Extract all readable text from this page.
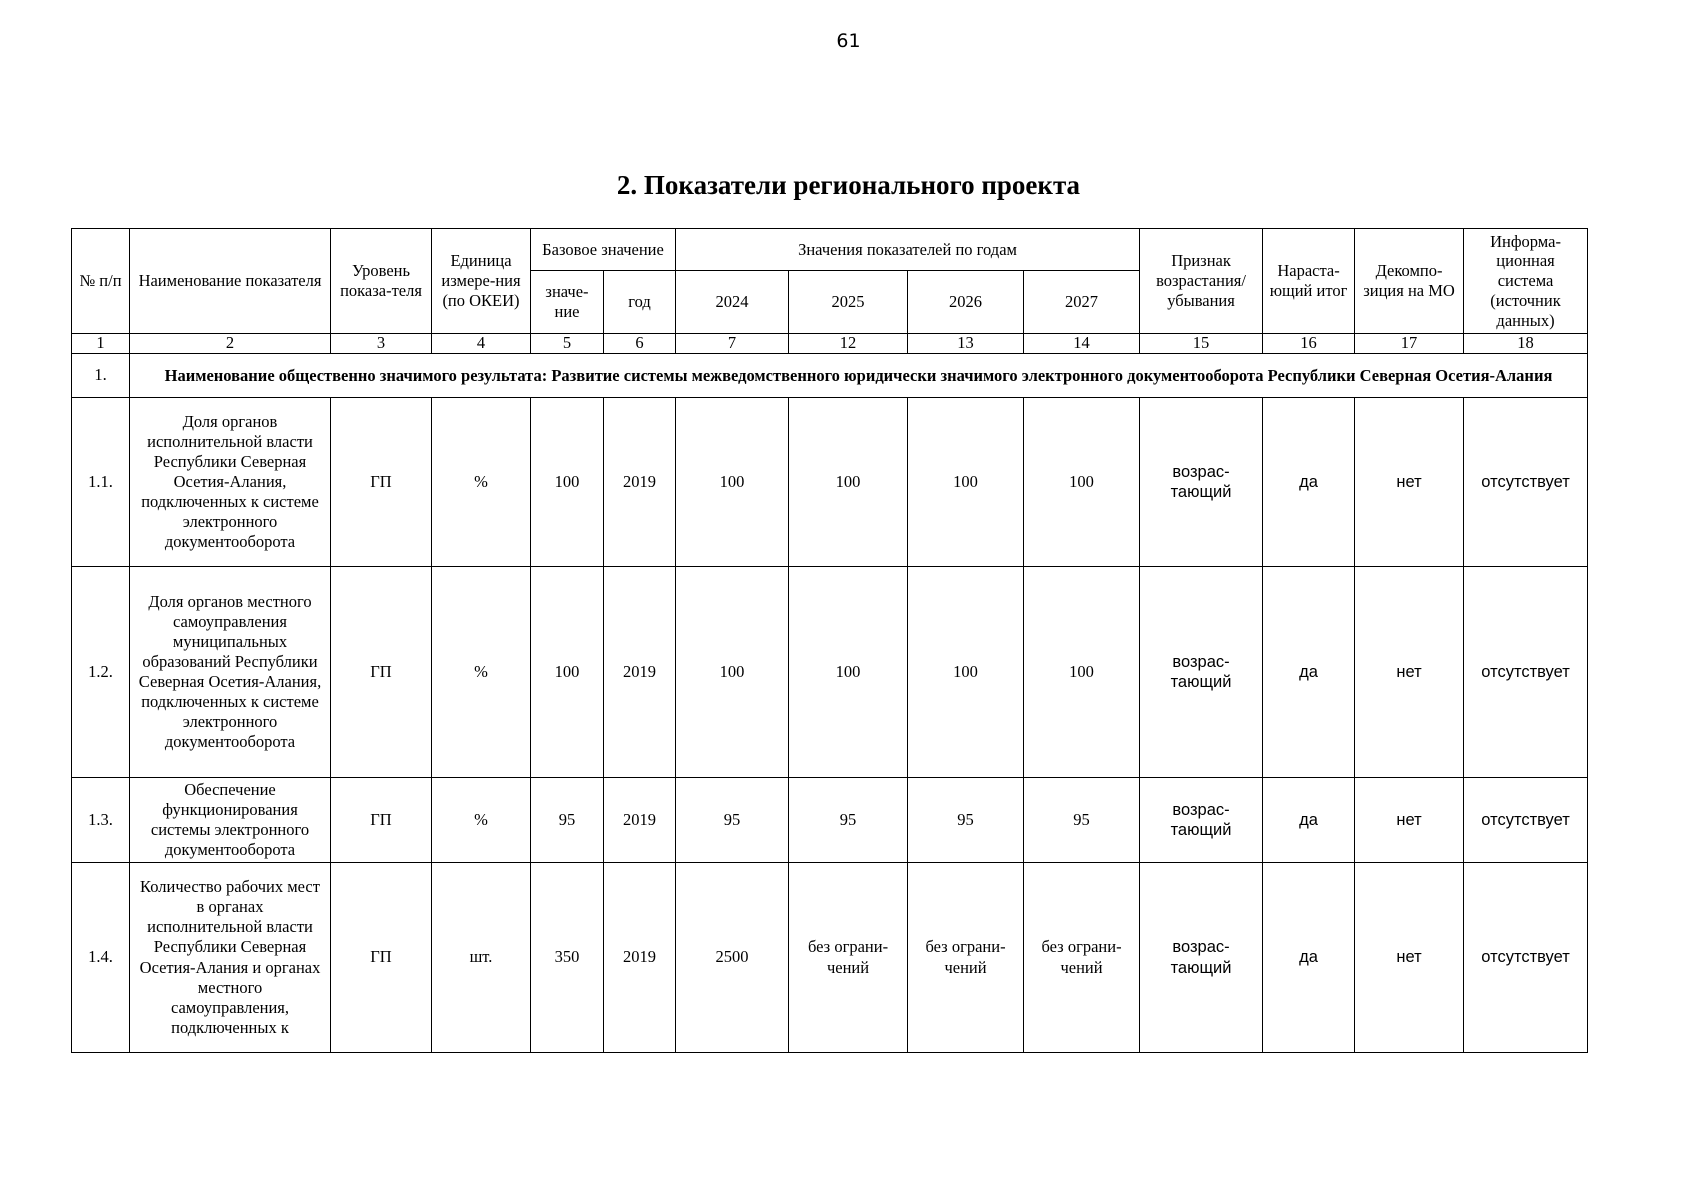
61
2. Показатели регионального проекта
№ п/п	Наименование показателя	Уровень показа-теля	Единица измере-ния (по ОКЕИ)	Базовое значение		Значения показателей по годам				Признак возрастания/ убывания	Нараста-ющий итог	Декомпо-зиция на МО	Информа-ционная система (источник данных)
				значе-ние	год	2024	2025	2026	2027				
1	2	3	4	5	6	7	12	13	14	15	16	17	18
1.	Наименование общественно значимого результата: Развитие системы межведомственного юридически значимого электронного документооборота Республики Северная Осетия-Алания												
1.1.	Доля органов исполнительной власти Республики Северная Осетия-Алания, подключенных к системе электронного документооборота	ГП	%	100	2019	100	100	100	100	возрас-тающий	да	нет	отсутствует
1.2.	Доля органов местного самоуправления муниципальных образований Республики Северная Осетия-Алания, подключенных к системе электронного документооборота	ГП	%	100	2019	100	100	100	100	возрас-тающий	да	нет	отсутствует
1.3.	Обеспечение функционирования системы электронного документооборота	ГП	%	95	2019	95	95	95	95	возрас-тающий	да	нет	отсутствует
1.4.	Количество рабочих мест в органах исполнительной власти Республики Северная Осетия-Алания и органах местного самоуправления, подключенных к	ГП	шт.	350	2019	2500	без ограни-чений	без ограни-чений	без ограни-чений	возрас-тающий	да	нет	отсутствует
